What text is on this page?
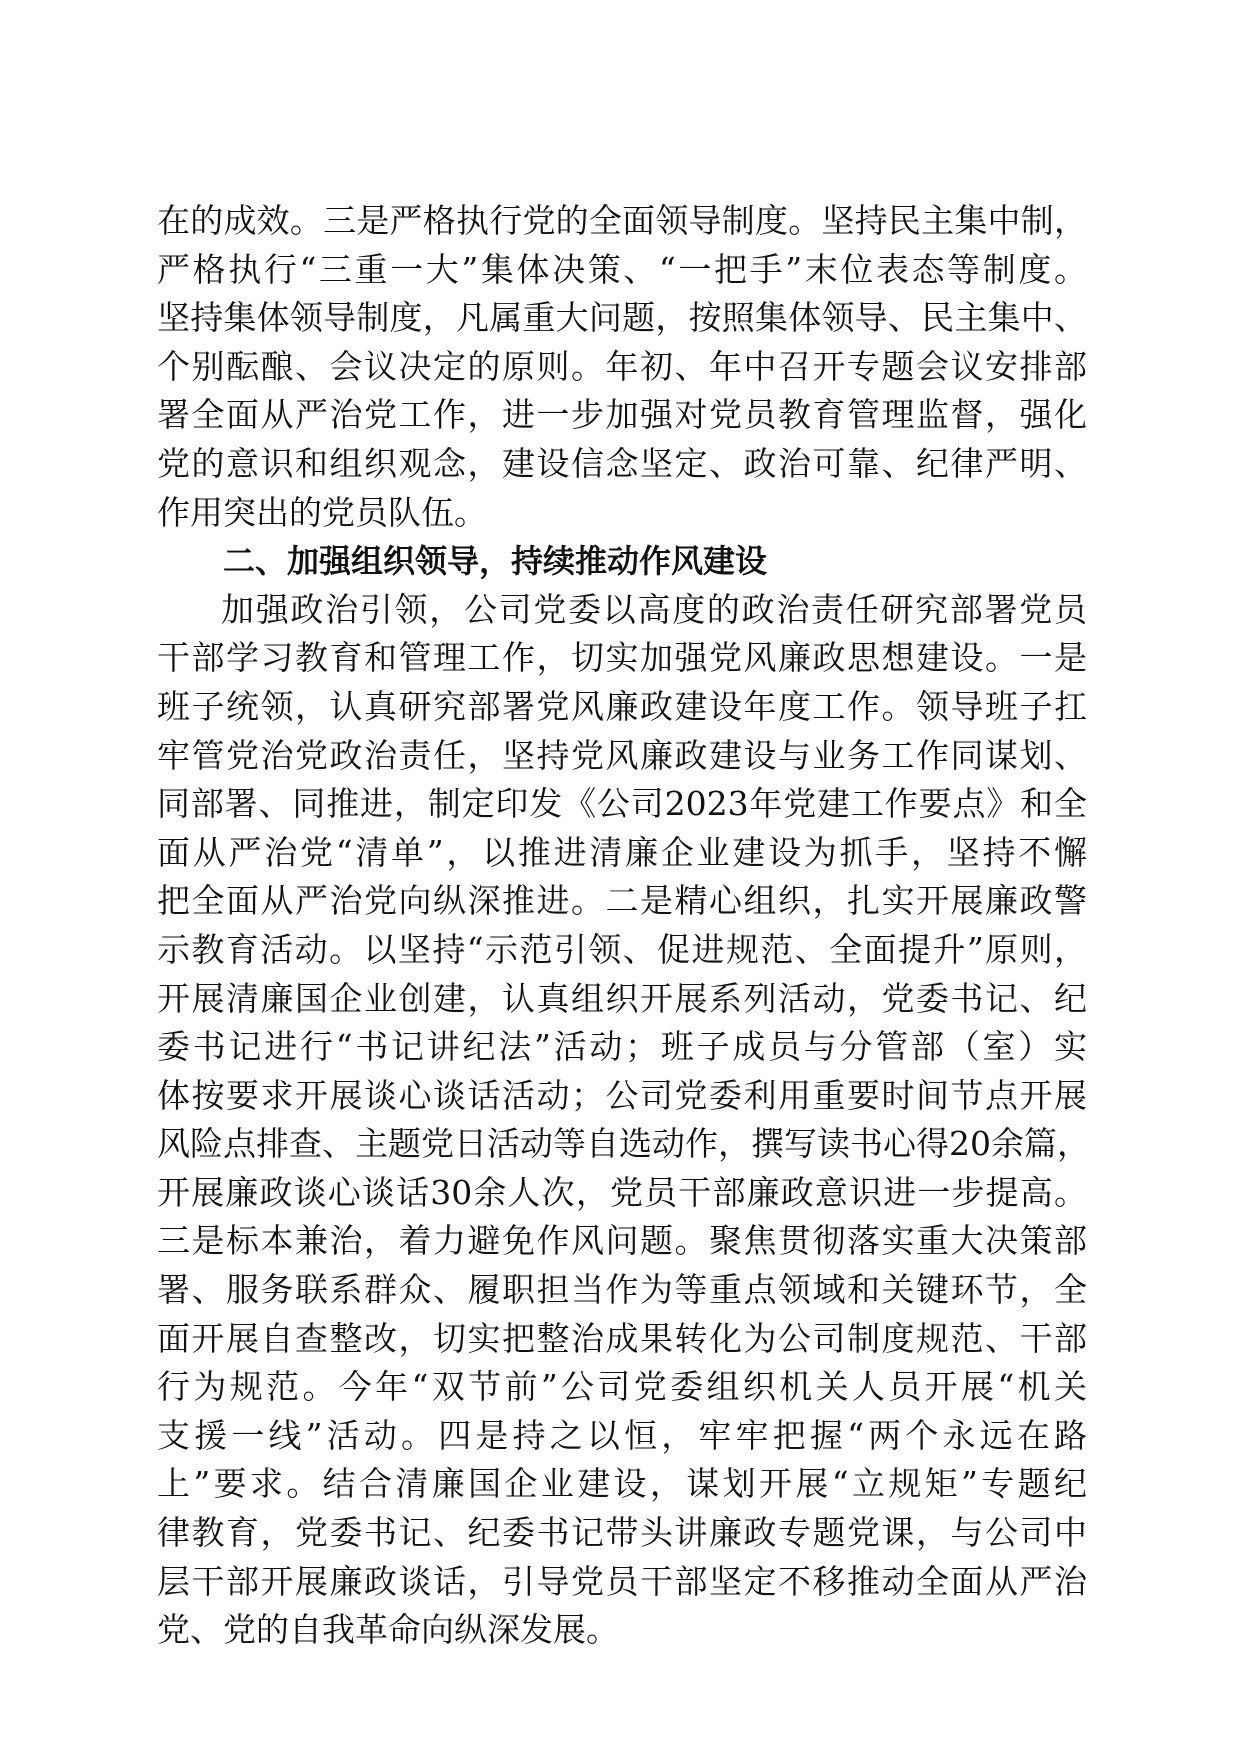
在的成效。三是严格执行党的全面领导制度。坚持民主集中制，
严格执行“三重一大”集体决策、“一把手”末位表态等制度。
坚持集体领导制度，凡属重大问题，按照集体领导、民主集中、
个别酝酿、会议决定的原则。年初、年中召开专题会议安排部
署全面从严治党工作，进一步加强对党员教育管理监督，强化
党的意识和组织观念，建设信念坚定、政治可靠、纪律严明、
作用突出的党员队伍。
二、加强组织领导，持续推动作风建设
加强政治引领，公司党委以高度的政治责任研究部署党员
干部学习教育和管理工作，切实加强党风廉政思想建设。一是
班子统领，认真研究部署党风廉政建设年度工作。领导班子扛
牢管党治党政治责任，坚持党风廉政建设与业务工作同谋划、
同部署、同推进，制定印发《公司2023年党建工作要点》和全
面从严治党“清单”，以推进清廉企业建设为抓手，坚持不懈
把全面从严治党向纵深推进。二是精心组织，扎实开展廉政警
示教育活动。以坚持“示范引领、促进规范、全面提升”原则，
开展清廉国企业创建，认真组织开展系列活动，党委书记、纪
委书记进行“书记讲纪法”活动；班子成员与分管部（室）实
体按要求开展谈心谈话活动；公司党委利用重要时间节点开展
风险点排查、主题党日活动等自选动作，撰写读书心得20余篇，
开展廉政谈心谈话30余人次，党员干部廉政意识进一步提高。
三是标本兼治，着力避免作风问题。聚焦贯彻落实重大决策部
署、服务联系群众、履职担当作为等重点领域和关键环节，全
面开展自查整改，切实把整治成果转化为公司制度规范、干部
行为规范。今年“双节前”公司党委组织机关人员开展“机关
支援一线”活动。四是持之以恒，牢牢把握“两个永远在路
上”要求。结合清廉国企业建设，谋划开展“立规矩”专题纪
律教育，党委书记、纪委书记带头讲廉政专题党课，与公司中
层干部开展廉政谈话，引导党员干部坚定不移推动全面从严治
党、党的自我革命向纵深发展。
